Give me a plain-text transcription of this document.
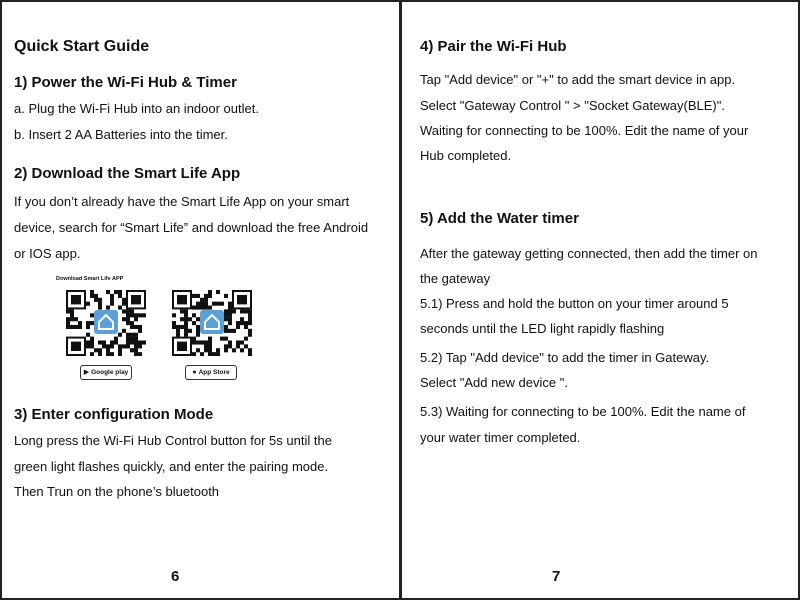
Quick Start Guide
1) Power the Wi-Fi Hub & Timer
a. Plug the Wi-Fi Hub into an indoor outlet.
b. Insert 2 AA Batteries into the timer.
2) Download the Smart Life App
If you don’t already have the Smart Life App on your smart
device, search for “Smart Life” and download the free Android
or IOS app.
Download Smart Life APP
▶ Google play	● App Store
3) Enter configuration Mode
Long press the Wi-Fi Hub Control button for 5s until the
green light flashes quickly, and enter the pairing mode.
Then Trun on the phone’s bluetooth
6
4) Pair the Wi-Fi Hub
Tap "Add device" or "+" to add the smart device in app.
Select "Gateway Control " > "Socket Gateway(BLE)".
Waiting for connecting to be 100%. Edit the name of your
Hub completed.
5) Add the Water timer
After the gateway getting connected, then add the timer on
the gateway
5.1) Press and hold the button on your timer around 5
seconds until the LED light rapidly flashing
5.2) Tap "Add device" to add the timer in Gateway.
Select "Add new device ".
5.3) Waiting for connecting to be 100%. Edit the name of
your water timer completed.
7
